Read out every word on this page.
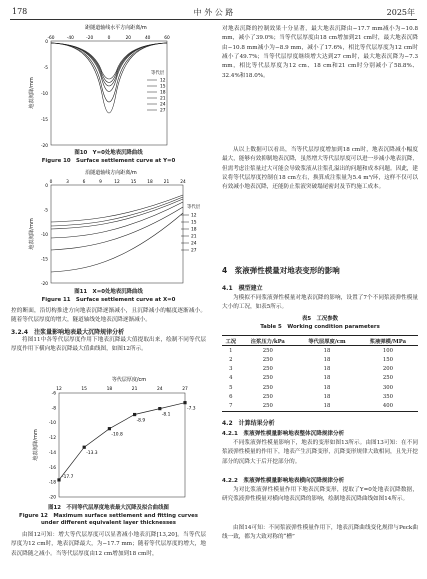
178	中 外 公 路	2025年
距隧道轴线水平方向距离/m
-60	-40	-20	0	20	40	60
0
-5
-10
-15
-20
地表沉降/mm
等代层
12
15
18
21
24
27
图10　Y=0处地表沉降曲线
Figure 10　Surface settlement curve at Y=0
沿隧道轴线方向距离/m
0	3	6	9	12	15	18	21	24
0
-5
-10
-15
-20
地表沉降/mm
等代层
12
15
18
21
24
27
图11　X=0处地表沉降曲线
Figure 11　Surface settlement curve at X=0
控的断面，沿切构推进方向地表沉降逐渐减小，且沉降减小的幅度逐渐减小。随着等代层厚度的增大，隧道轴线处地表沉降逐渐减小。
3.2.4　注浆量影响地表最大沉降规律分析
将图11中各等代层厚度作用下地表沉降最大值提取出来，绘制不同等代层厚度作用下横向地表沉降最大值曲线图，如图12所示。
等代层厚度/cm
地表沉降/mm
12	15	18	21	24	27
-6
-8
-10
-12
-14
-16
-18
-20
-17.7
-13.3
-10.8
-8.9
-8.1
-7.3
图12　不同等代层厚度地表最大沉降及拟合曲线图
Figure 12　Maximum surface settlement and fitting curves
under different equivalent layer thicknesses
由图12可知：增大等代层厚度可以显著减小地表沉降[13,20]。当等代层厚度为12 cm时，地表沉降最大，为−17.7 mm；随着等代层厚度的增大，地表沉降随之减小。当等代层厚度由12 cm增加到18 cm时，
对地表沉降的控制效果十分显著，最大地表沉降由−17.7 mm减小为−10.8 mm，减小了39.0%；当等代层厚度由18 cm增加到21 cm时，最大地表沉降由−10.8 mm减小为−8.9 mm，减小了17.6%，相比等代层厚度为12 cm时减小了49.7%；当等代层厚度继续增大达到27 cm时，最大地表沉降为−7.3 mm，相比等代层厚度为12 cm、18 cm和21 cm时分别减小了58.8%、32.4%和18.0%。
从以上数据可以看出，当等代层厚度增加到18 cm时，地表沉降减小幅度最大，能够有效抑制地表沉降，虽然增大等代层厚度可以进一步减小地表沉降，但需考虑注浆量过大可能会导致浆液从注浆孔溢出的问题和成本问题。因此，建议将等代层厚度控制在18 cm左右，换算成注浆量为5.4 m³/环，这样不仅可以有效减小地表沉降，还能防止浆液突破塌尾密封及节约施工成本。
4　浆液弹性模量对地表变形的影响
4.1　模型建立
为模拟不同浆液弹性模量对地表沉降的影响，设置了7个不同浆液弹性模量大小的工况，如表5所示。
表5　工况参数
Table 5　Working condition parameters
工况	注浆压力/kPa	等代层厚度/cm	浆液弹模/MPa
1	250	18	100
2	250	18	150
3	250	18	200
4	250	18	250
5	250	18	300
6	250	18	350
7	250	18	400
4.2　计算结果分析
4.2.1　浆液弹性模量影响地表整体沉降规律分析
不同浆液弹性模量影响下，地表的变形如图13所示。由图13可知：在不同浆液弹性模量的作用下，地表产生沉降变形，沉降变形规律大致相同，且先开挖部分的沉降大于后开挖部分的。
4.2.2　浆液弹性模量影响地表横向沉降规律分析
为对比浆液弹性模量作用下地表沉降变形，提取了Y=0处地表沉降数据，研究浆液弹性模量对横向地表沉降的影响，绘制地表沉降曲线如图14所示。
由图14可知：不同浆液弹性模量作用下，地表沉降曲线变化规律与Peck曲线一致，都为大致对称的“槽”
